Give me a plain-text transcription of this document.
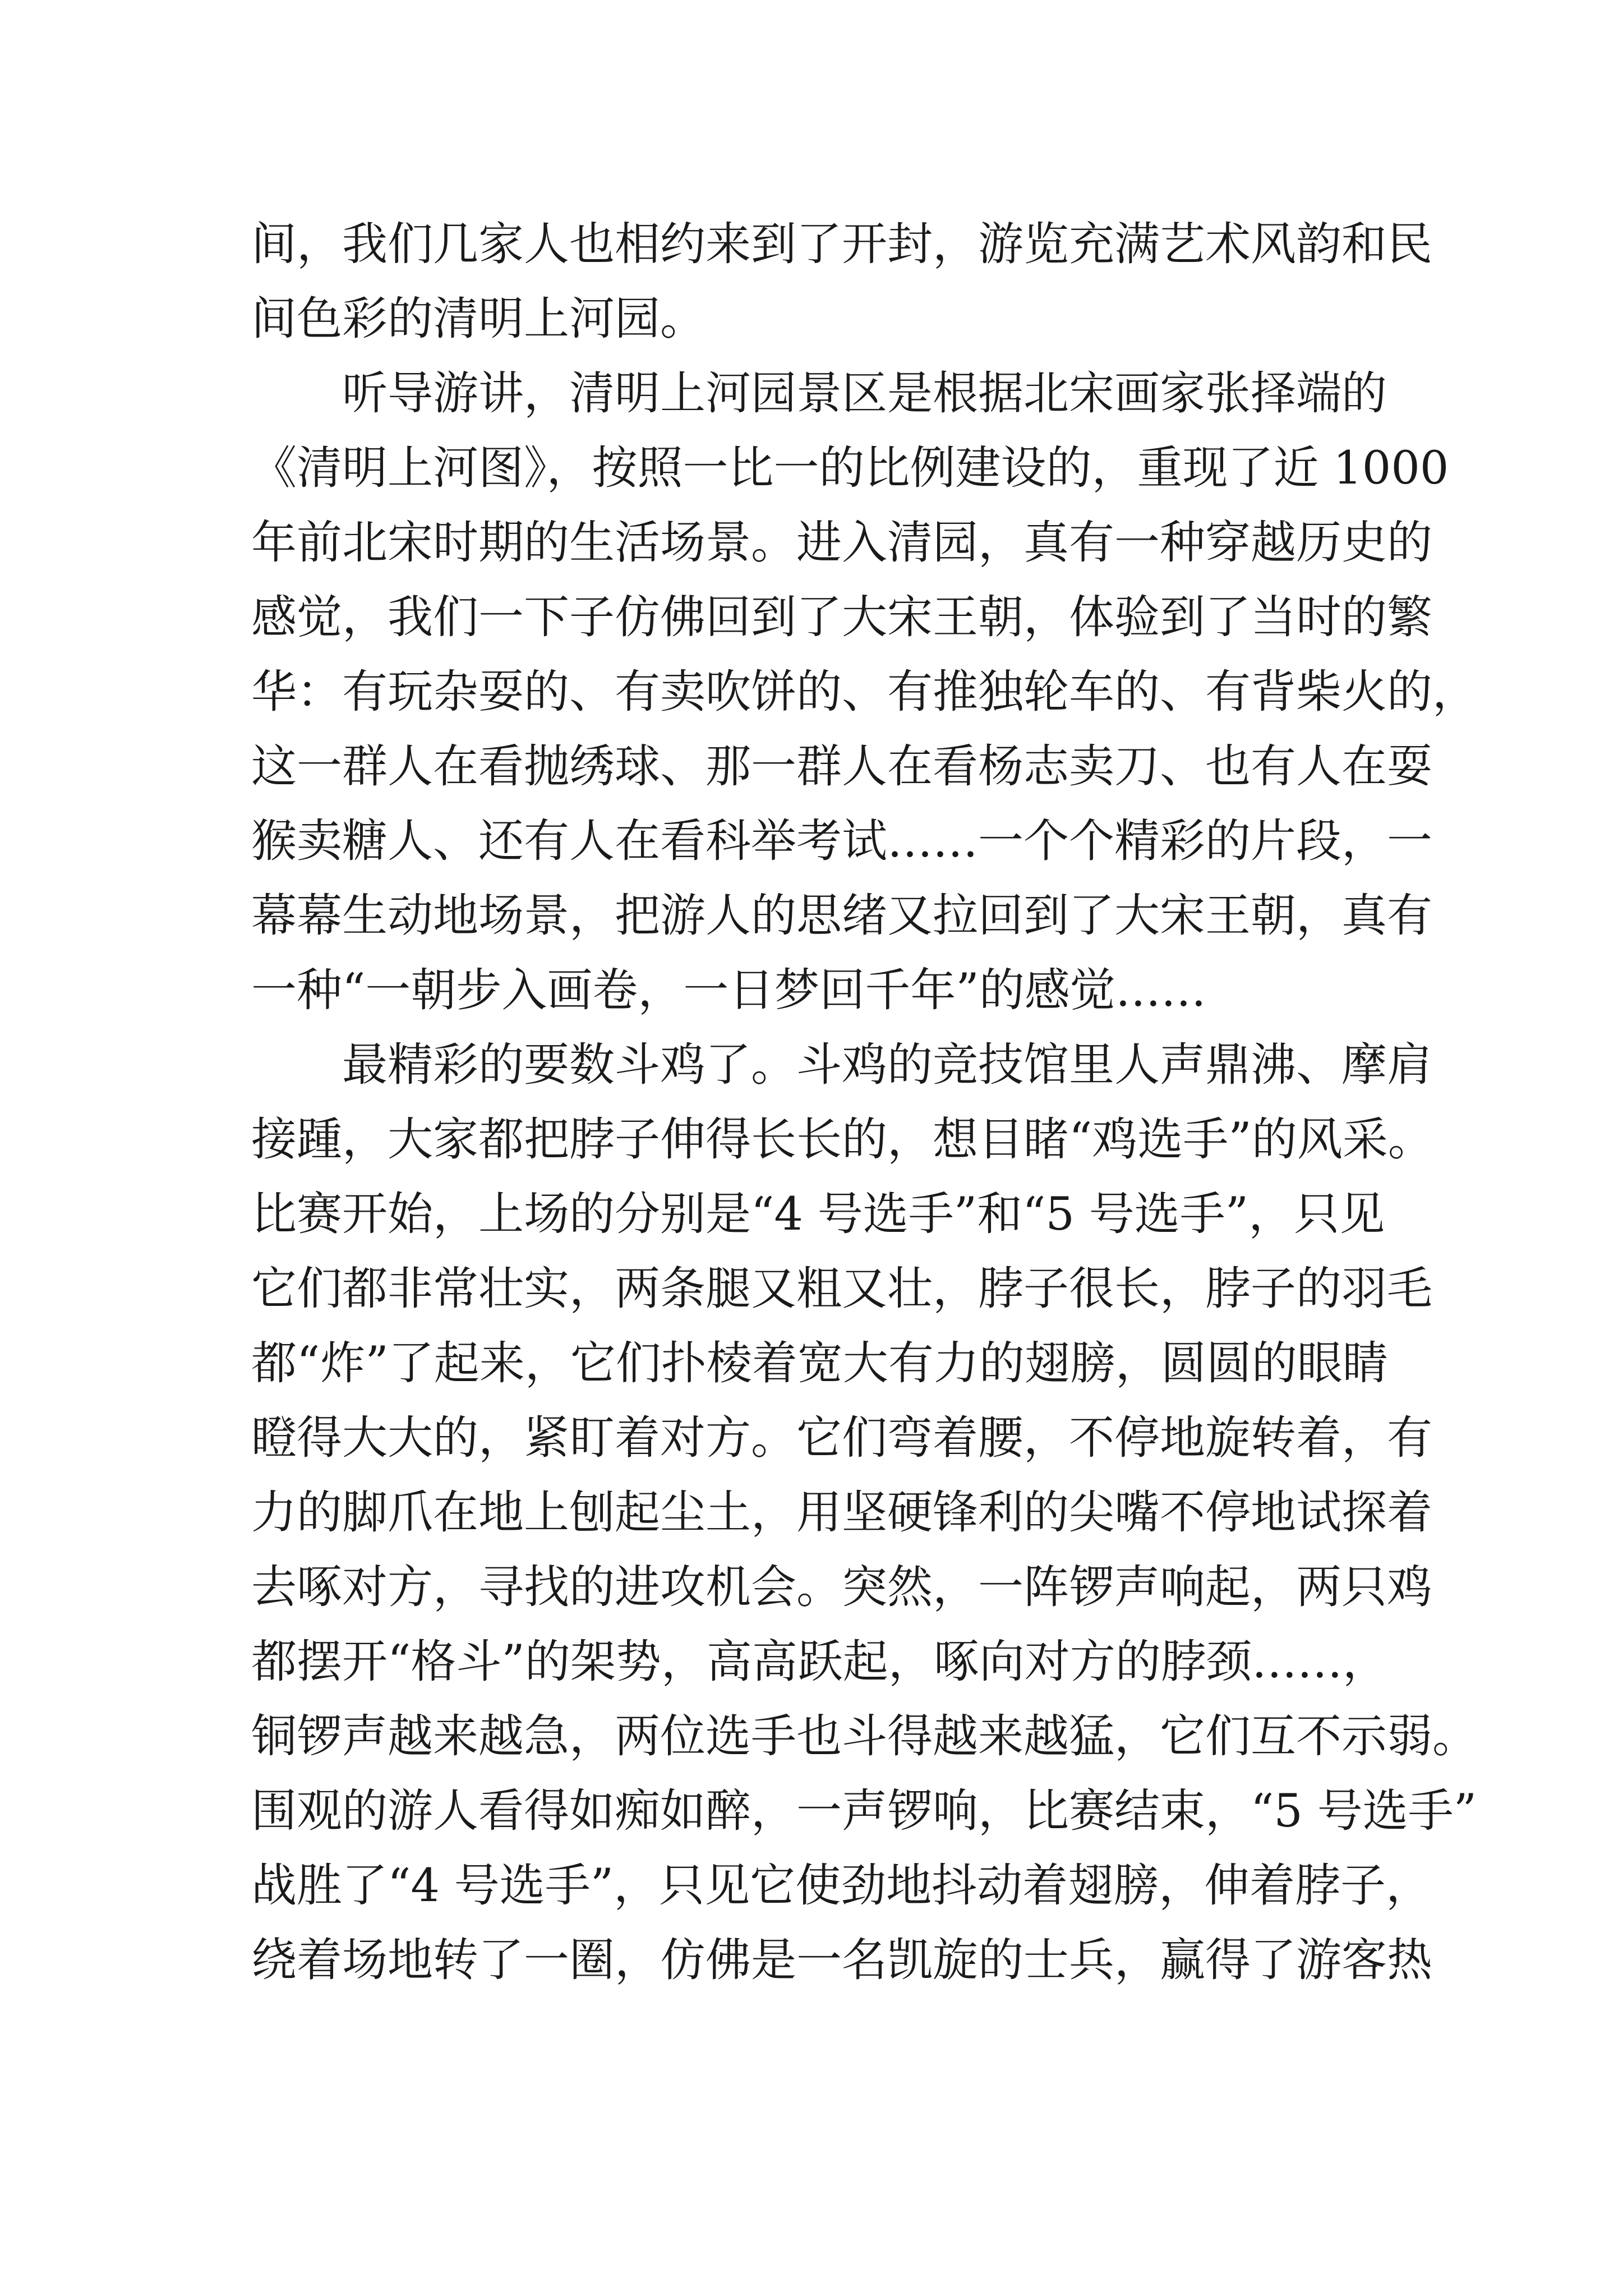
间，我们几家人也相约来到了开封，游览充满艺术风韵和民
间色彩的清明上河园。
听导游讲，清明上河园景区是根据北宋画家张择端的
《清明上河图》，按照一比一的比例建设的，重现了近 1000
年前北宋时期的生活场景。进入清园，真有一种穿越历史的
感觉，我们一下子仿佛回到了大宋王朝，体验到了当时的繁
华：有玩杂耍的、有卖吹饼的、有推独轮车的、有背柴火的，
这一群人在看抛绣球、那一群人在看杨志卖刀、也有人在耍
猴卖糖人、还有人在看科举考试……一个个精彩的片段，一
幕幕生动地场景，把游人的思绪又拉回到了大宋王朝，真有
一种“一朝步入画卷，一日梦回千年”的感觉……
最精彩的要数斗鸡了。斗鸡的竞技馆里人声鼎沸、摩肩
接踵，大家都把脖子伸得长长的，想目睹“鸡选手”的风采。
比赛开始，上场的分别是“4 号选手”和“5 号选手”，只见
它们都非常壮实，两条腿又粗又壮，脖子很长，脖子的羽毛
都“炸”了起来，它们扑棱着宽大有力的翅膀，圆圆的眼睛
瞪得大大的，紧盯着对方。它们弯着腰，不停地旋转着，有
力的脚爪在地上刨起尘土，用坚硬锋利的尖嘴不停地试探着
去啄对方，寻找的进攻机会。突然，一阵锣声响起，两只鸡
都摆开“格斗”的架势，高高跃起，啄向对方的脖颈……，
铜锣声越来越急，两位选手也斗得越来越猛，它们互不示弱。
围观的游人看得如痴如醉，一声锣响，比赛结束，“5 号选手”
战胜了“4 号选手”，只见它使劲地抖动着翅膀，伸着脖子，
绕着场地转了一圈，仿佛是一名凯旋的士兵，赢得了游客热
